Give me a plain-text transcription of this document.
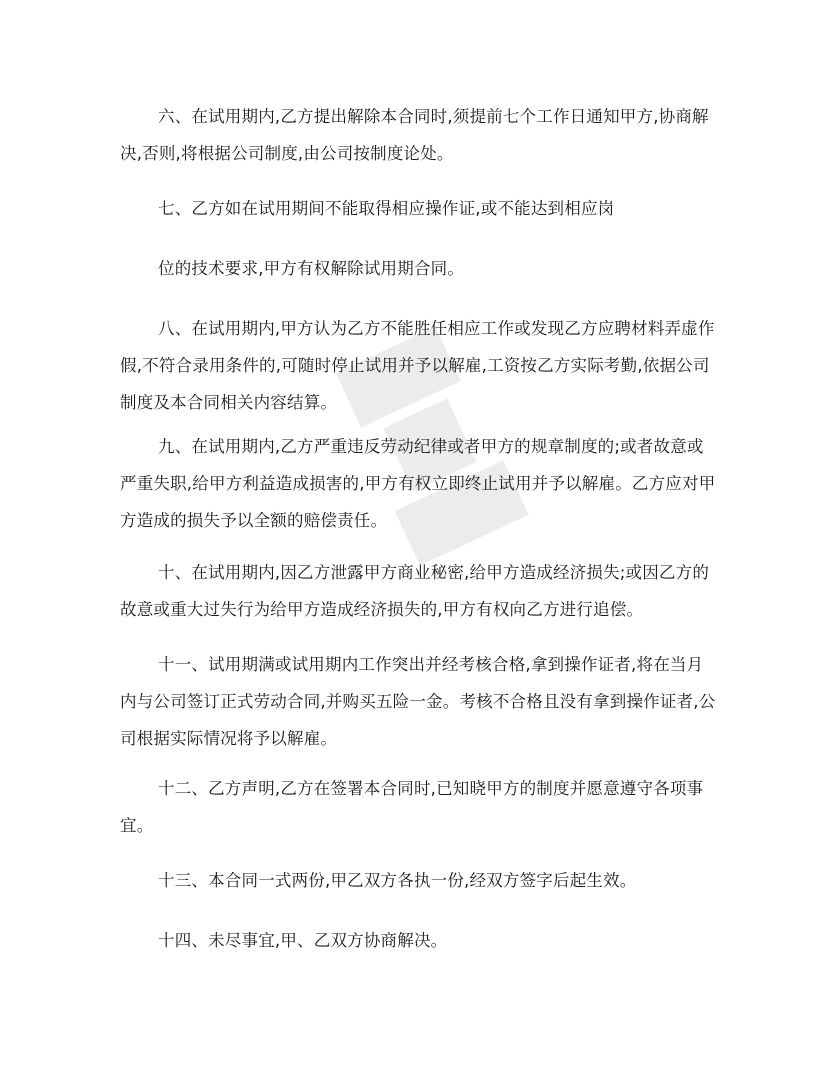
六、在试用期内,乙方提出解除本合同时,须提前七个工作日通知甲方,协商解
决,否则,将根据公司制度,由公司按制度论处。

七、乙方如在试用期间不能取得相应操作证,或不能达到相应岗

位的技术要求,甲方有权解除试用期合同。

八、在试用期内,甲方认为乙方不能胜任相应工作或发现乙方应聘材料弄虚作
假,不符合录用条件的,可随时停止试用并予以解雇,工资按乙方实际考勤,依据公司
制度及本合同相关内容结算。

九、在试用期内,乙方严重违反劳动纪律或者甲方的规章制度的;或者故意或
严重失职,给甲方利益造成损害的,甲方有权立即终止试用并予以解雇。乙方应对甲
方造成的损失予以全额的赔偿责任。

十、在试用期内,因乙方泄露甲方商业秘密,给甲方造成经济损失;或因乙方的
故意或重大过失行为给甲方造成经济损失的,甲方有权向乙方进行追偿。

十一、试用期满或试用期内工作突出并经考核合格,拿到操作证者,将在当月
内与公司签订正式劳动合同,并购买五险一金。考核不合格且没有拿到操作证者,公
司根据实际情况将予以解雇。

十二、乙方声明,乙方在签署本合同时,已知晓甲方的制度并愿意遵守各项事
宜。

十三、本合同一式两份,甲乙双方各执一份,经双方签字后起生效。

十四、未尽事宜,甲、乙双方协商解决。
